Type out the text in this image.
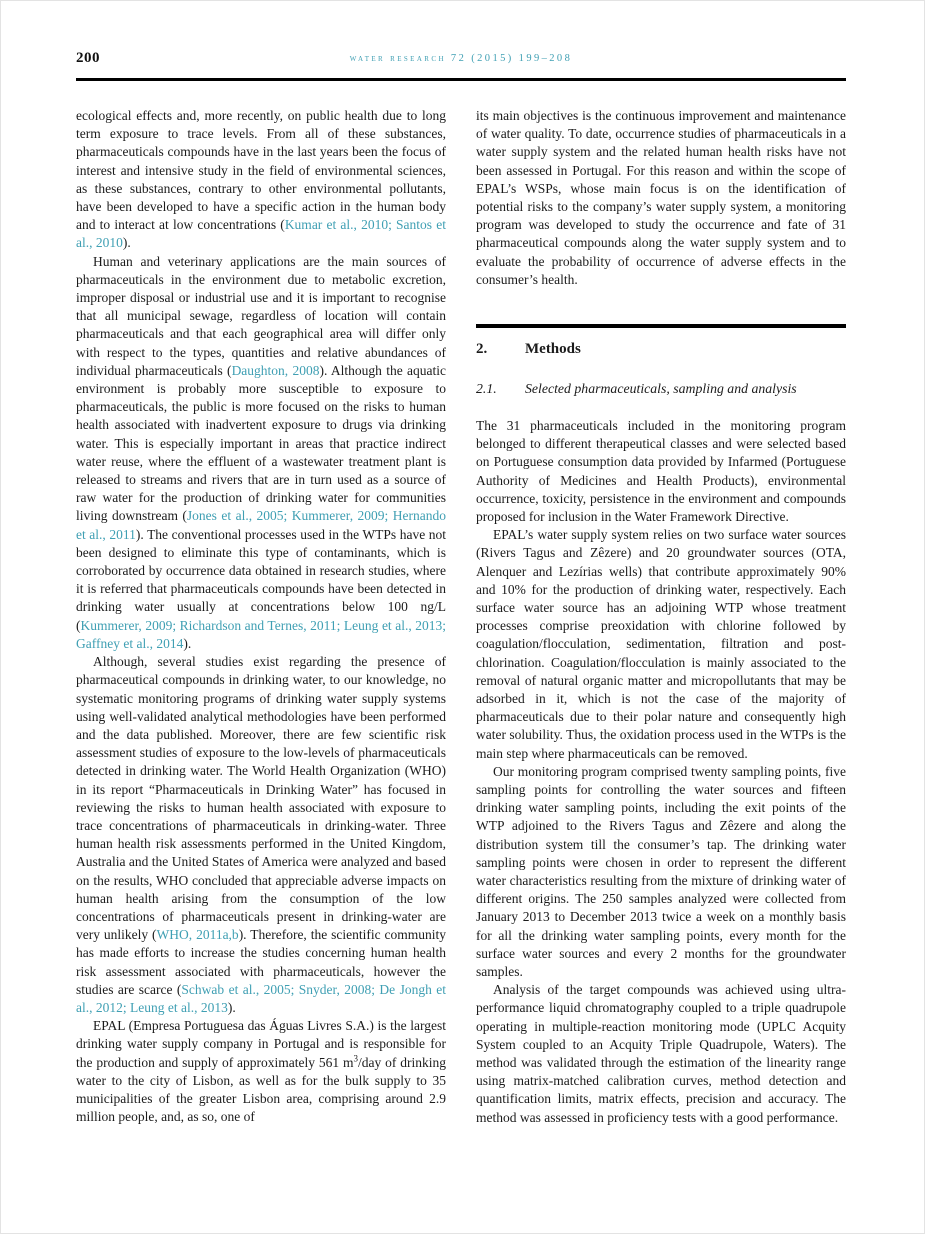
200	water research 72 (2015) 199–208

ecological effects and, more recently, on public health due to long term exposure to trace levels. From all of these substances, pharmaceuticals compounds have in the last years been the focus of interest and intensive study in the field of environmental sciences, as these substances, contrary to other environmental pollutants, have been developed to have a specific action in the human body and to interact at low concentrations (Kumar et al., 2010; Santos et al., 2010).

Human and veterinary applications are the main sources of pharmaceuticals in the environment due to metabolic excretion, improper disposal or industrial use and it is important to recognise that all municipal sewage, regardless of location will contain pharmaceuticals and that each geographical area will differ only with respect to the types, quantities and relative abundances of individual pharmaceuticals (Daughton, 2008). Although the aquatic environment is probably more susceptible to exposure to pharmaceuticals, the public is more focused on the risks to human health associated with inadvertent exposure to drugs via drinking water. This is especially important in areas that practice indirect water reuse, where the effluent of a wastewater treatment plant is released to streams and rivers that are in turn used as a source of raw water for the production of drinking water for communities living downstream (Jones et al., 2005; Kummerer, 2009; Hernando et al., 2011). The conventional processes used in the WTPs have not been designed to eliminate this type of contaminants, which is corroborated by occurrence data obtained in research studies, where it is referred that pharmaceuticals compounds have been detected in drinking water usually at concentrations below 100 ng/L (Kummerer, 2009; Richardson and Ternes, 2011; Leung et al., 2013; Gaffney et al., 2014).

Although, several studies exist regarding the presence of pharmaceutical compounds in drinking water, to our knowledge, no systematic monitoring programs of drinking water supply systems using well-validated analytical methodologies have been performed and the data published. Moreover, there are few scientific risk assessment studies of exposure to the low-levels of pharmaceuticals detected in drinking water. The World Health Organization (WHO) in its report “Pharmaceuticals in Drinking Water” has focused in reviewing the risks to human health associated with exposure to trace concentrations of pharmaceuticals in drinking-water. Three human health risk assessments performed in the United Kingdom, Australia and the United States of America were analyzed and based on the results, WHO concluded that appreciable adverse impacts on human health arising from the consumption of the low concentrations of pharmaceuticals present in drinking-water are very unlikely (WHO, 2011a,b). Therefore, the scientific community has made efforts to increase the studies concerning human health risk assessment associated with pharmaceuticals, however the studies are scarce (Schwab et al., 2005; Snyder, 2008; De Jongh et al., 2012; Leung et al., 2013).

EPAL (Empresa Portuguesa das Águas Livres S.A.) is the largest drinking water supply company in Portugal and is responsible for the production and supply of approximately 561 $m^3$/day of drinking water to the city of Lisbon, as well as for the bulk supply to 35 municipalities of the greater Lisbon area, comprising around 2.9 million people, and, as so, one of

its main objectives is the continuous improvement and maintenance of water quality. To date, occurrence studies of pharmaceuticals in a water supply system and the related human health risks have not been assessed in Portugal. For this reason and within the scope of EPAL’s WSPs, whose main focus is on the identification of potential risks to the company’s water supply system, a monitoring program was developed to study the occurrence and fate of 31 pharmaceutical compounds along the water supply system and to evaluate the probability of occurrence of adverse effects in the consumer’s health.

2.	Methods
2.1. Selected pharmaceuticals, sampling and analysis

The 31 pharmaceuticals included in the monitoring program belonged to different therapeutical classes and were selected based on Portuguese consumption data provided by Infarmed (Portuguese Authority of Medicines and Health Products), environmental occurrence, toxicity, persistence in the environment and compounds proposed for inclusion in the Water Framework Directive.

EPAL’s water supply system relies on two surface water sources (Rivers Tagus and Zêzere) and 20 groundwater sources (OTA, Alenquer and Lezírias wells) that contribute approximately 90% and 10% for the production of drinking water, respectively. Each surface water source has an adjoining WTP whose treatment processes comprise preoxidation with chlorine followed by coagulation/flocculation, sedimentation, filtration and post-chlorination. Coagulation/flocculation is mainly associated to the removal of natural organic matter and micropollutants that may be adsorbed in it, which is not the case of the majority of pharmaceuticals due to their polar nature and consequently high water solubility. Thus, the oxidation process used in the WTPs is the main step where pharmaceuticals can be removed.

Our monitoring program comprised twenty sampling points, five sampling points for controlling the water sources and fifteen drinking water sampling points, including the exit points of the WTP adjoined to the Rivers Tagus and Zêzere and along the distribution system till the consumer’s tap. The drinking water sampling points were chosen in order to represent the different water characteristics resulting from the mixture of drinking water of different origins. The 250 samples analyzed were collected from January 2013 to December 2013 twice a week on a monthly basis for all the drinking water sampling points, every month for the surface water sources and every 2 months for the groundwater samples.

Analysis of the target compounds was achieved using ultra-performance liquid chromatography coupled to a triple quadrupole operating in multiple-reaction monitoring mode (UPLC Acquity System coupled to an Acquity Triple Quadrupole, Waters). The method was validated through the estimation of the linearity range using matrix-matched calibration curves, method detection and quantification limits, matrix effects, precision and accuracy. The method was assessed in proficiency tests with a good performance.
